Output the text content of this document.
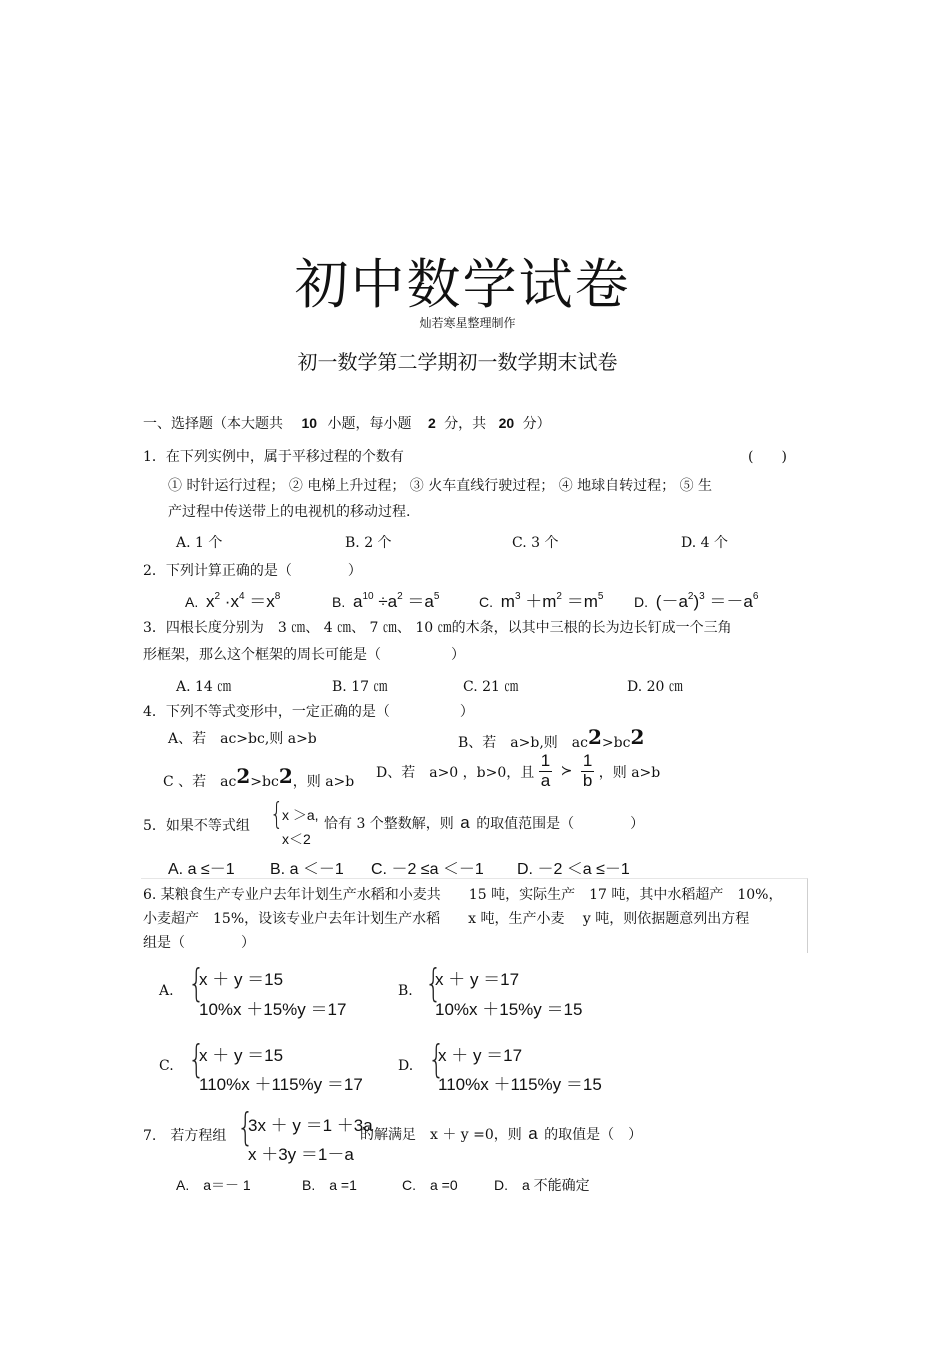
初中数学试卷
灿若寒星整理制作
初一数学第二学期初一数学期末试卷
一、选择题（本大题共 10 小题，每小题 2 分，共 20 分）
1．在下列实例中，属于平移过程的个数有	(　　)
① 时针运行过程； ② 电梯上升过程； ③ 火车直线行驶过程； ④ 地球自转过程； ⑤ 生
产过程中传送带上的电视机的移动过程.
A. 1 个	B. 2 个	C. 3 个	D. 4 个
2．下列计算正确的是（　　　　）
A. $x^2 \cdot x^4 =x^8$	B. $a^{10} \div a^2 =a^5$	C. $m^3 +m^2 =m^5$ D. $(-a^2)^3 =-a^6$
3．四根长度分别为　3 ㎝、 4 ㎝、 7 ㎝、 10 ㎝的木条，以其中三根的长为边长钉成一个三角
形框架，那么这个框架的周长可能是（　　　　　）
A. 14 ㎝	B. 17 ㎝	C. 21 ㎝	D. 20 ㎝
4．下列不等式变形中，一定正确的是（　　　　　）
A、若　ac>bc,则 a>b	B、若　a>b,则　ac2>bc2
C 、若　ac2>bc2，则 a>b
D、若　a>0 ，b>0，且 $\frac{1}{a}$ ≻ $\frac{1}{b}$ ，则 a>b
5．如果不等式组 {
x ＞a,
x＜2
恰有 3 个整数解，则 a 的取值范围是（　　　　）
A. a ≤－1 B. a ＜－1 C. －2 ≤a ＜－1 D. －2 ＜a ≤－1
6. 某粮食生产专业户去年计划生产水稻和小麦共　　15 吨，实际生产　17 吨，其中水稻超产　10%，
小麦超产　15%，设该专业户去年计划生产水稻　　x 吨，生产小麦　 y 吨，则依据题意列出方程
组是（　　　　）
A. {
x ＋ y ＝15
10%x ＋15%y ＝17
B. {
x ＋ y ＝17
10%x ＋15%y ＝15
C. {
x ＋ y ＝15
110%x ＋115%y ＝17
D. {
x ＋ y ＝17
110%x ＋115%y ＝15
7.　若方程组 {
3x ＋ y ＝1 ＋3a
x ＋3y ＝1－a
的解满足　x ＋ y =0，则 a 的取值是（　）
A.　a＝－ 1	B.　a =1	C.　a =0	D.　a 不能确定
